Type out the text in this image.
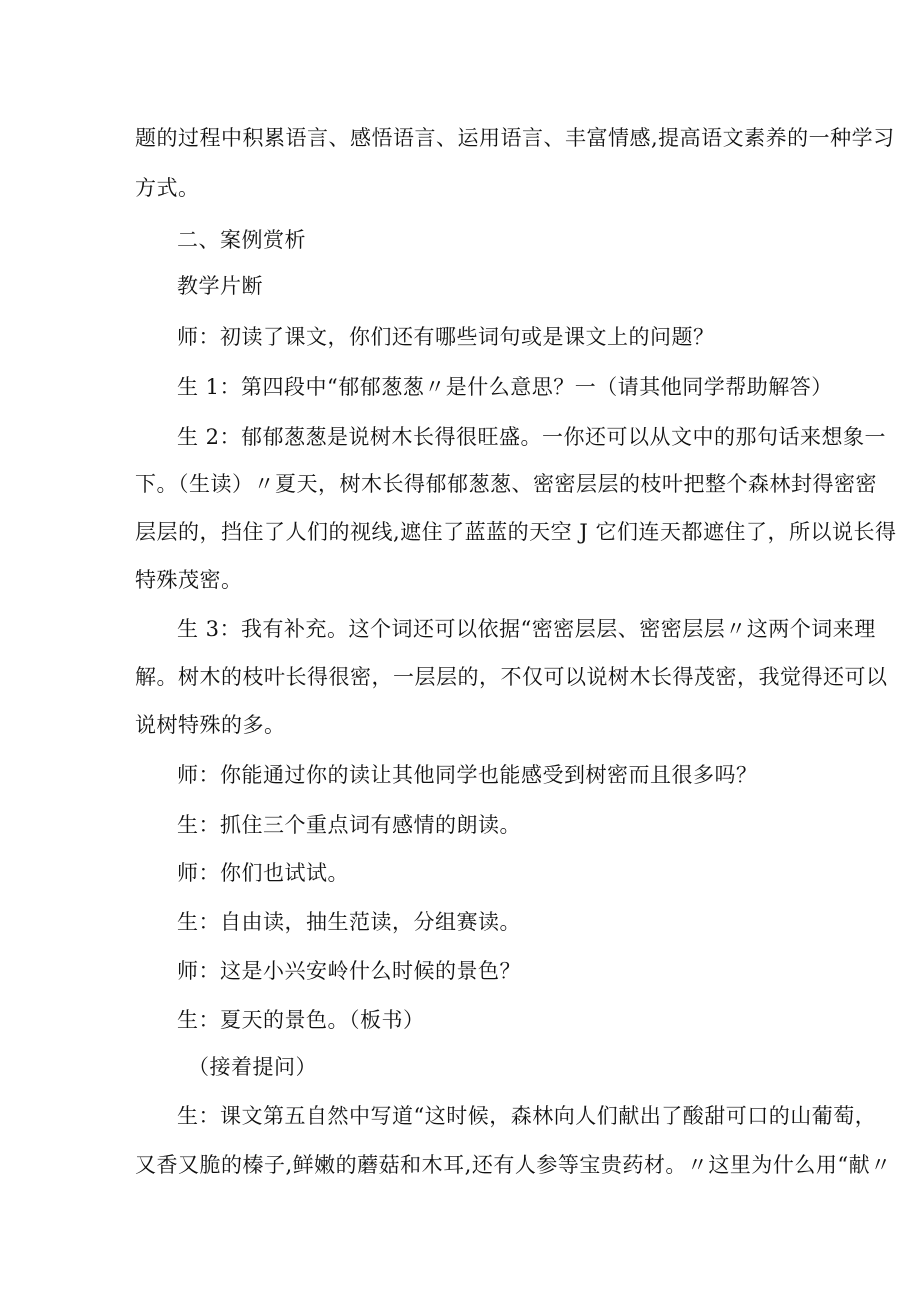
题的过程中积累语言、感悟语言、运用语言、丰富情感,提高语文素养的一种学习
方式。
二、案例赏析
教学片断
师：初读了课文，你们还有哪些词句或是课文上的问题？
生 1：第四段中“郁郁葱葱〃是什么意思？一（请其他同学帮助解答）
生 2：郁郁葱葱是说树木长得很旺盛。一你还可以从文中的那句话来想象一
下。（生读）〃夏天，树木长得郁郁葱葱、密密层层的枝叶把整个森林封得密密
层层的，挡住了人们的视线,遮住了蓝蓝的天空 J 它们连天都遮住了，所以说长得
特殊茂密。
生 3：我有补充。这个词还可以依据“密密层层、密密层层〃这两个词来理
解。树木的枝叶长得很密，一层层的，不仅可以说树木长得茂密，我觉得还可以
说树特殊的多。
师：你能通过你的读让其他同学也能感受到树密而且很多吗？
生：抓住三个重点词有感情的朗读。
师：你们也试试。
生：自由读，抽生范读，分组赛读。
师：这是小兴安岭什么时候的景色？
生：夏天的景色。（板书）
（接着提问）
生：课文第五自然中写道“这时候，森林向人们献出了酸甜可口的山葡萄，
又香又脆的榛子,鲜嫩的蘑菇和木耳,还有人参等宝贵药材。〃这里为什么用“献〃
